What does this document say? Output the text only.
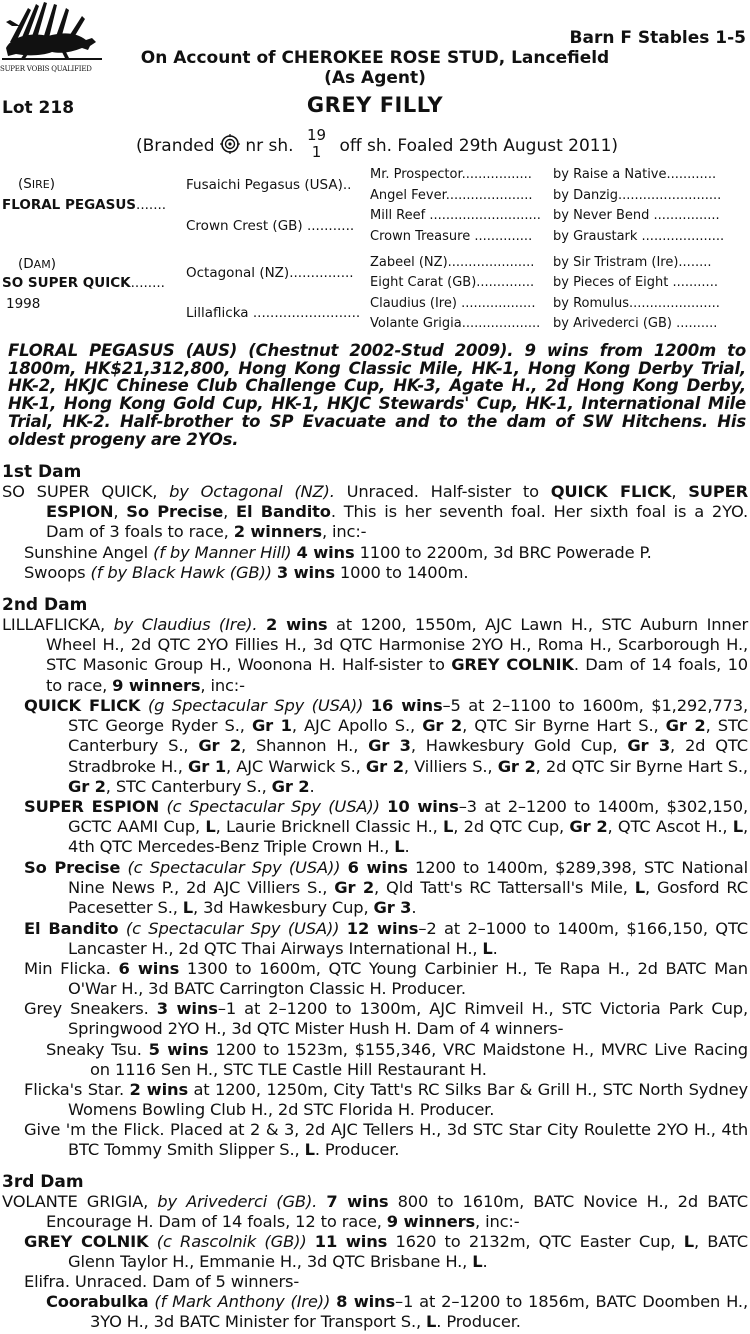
SUPER VOBIS QUALIFIED
Barn F Stables 1-5
On Account of CHEROKEE ROSE STUD, Lancefield
(As Agent)
Lot 218	GREY FILLY
(Branded nr sh. 19
1 off sh. Foaled 29th August 2011)
(SIRE)
FLORAL PEGASUS.......
(DAM)
SO SUPER QUICK........
1998
Fusaichi Pegasus (USA)..
Crown Crest (GB) ...........
Octagonal (NZ)...............
Lillaflicka .........................
Mr. Prospector.................
Angel Fever.....................
Mill Reef ...........................
Crown Treasure ..............
Zabeel (NZ).....................
Eight Carat (GB)..............
Claudius (Ire) ..................
Volante Grigia...................
by Raise a Native............
by Danzig.........................
by Never Bend ................
by Graustark ....................
by Sir Tristram (Ire)........
by Pieces of Eight ...........
by Romulus......................
by Arivederci (GB) ..........
FLORAL PEGASUS (AUS) (Chestnut 2002-Stud 2009). 9 wins from 1200m to 1800m, HK$21,312,800, Hong Kong Classic Mile, HK-1, Hong Kong Derby Trial, HK-2, HKJC Chinese Club Challenge Cup, HK-3, Agate H., 2d Hong Kong Derby, HK-1, Hong Kong Gold Cup, HK-1, HKJC Stewards' Cup, HK-1, International Mile Trial, HK-2. Half-brother to SP Evacuate and to the dam of SW Hitchens. His oldest progeny are 2YOs.
1st Dam
SO SUPER QUICK, by Octagonal (NZ). Unraced. Half-sister to QUICK FLICK, SUPER ESPION, So Precise, El Bandito. This is her seventh foal. Her sixth foal is a 2YO. Dam of 3 foals to race, 2 winners, inc:-
Sunshine Angel (f by Manner Hill) 4 wins 1100 to 2200m, 3d BRC Powerade P.
Swoops (f by Black Hawk (GB)) 3 wins 1000 to 1400m.
2nd Dam
LILLAFLICKA, by Claudius (Ire). 2 wins at 1200, 1550m, AJC Lawn H., STC Auburn Inner Wheel H., 2d QTC 2YO Fillies H., 3d QTC Harmonise 2YO H., Roma H., Scarborough H., STC Masonic Group H., Woonona H. Half-sister to GREY COLNIK. Dam of 14 foals, 10 to race, 9 winners, inc:-
QUICK FLICK (g Spectacular Spy (USA)) 16 wins–5 at 2–1100 to 1600m, $1,292,773, STC George Ryder S., Gr 1, AJC Apollo S., Gr 2, QTC Sir Byrne Hart S., Gr 2, STC Canterbury S., Gr 2, Shannon H., Gr 3, Hawkesbury Gold Cup, Gr 3, 2d QTC Stradbroke H., Gr 1, AJC Warwick S., Gr 2, Villiers S., Gr 2, 2d QTC Sir Byrne Hart S., Gr 2, STC Canterbury S., Gr 2.
SUPER ESPION (c Spectacular Spy (USA)) 10 wins–3 at 2–1200 to 1400m, $302,150, GCTC AAMI Cup, L, Laurie Bricknell Classic H., L, 2d QTC Cup, Gr 2, QTC Ascot H., L, 4th QTC Mercedes-Benz Triple Crown H., L.
So Precise (c Spectacular Spy (USA)) 6 wins 1200 to 1400m, $289,398, STC National Nine News P., 2d AJC Villiers S., Gr 2, Qld Tatt's RC Tattersall's Mile, L, Gosford RC Pacesetter S., L, 3d Hawkesbury Cup, Gr 3.
El Bandito (c Spectacular Spy (USA)) 12 wins–2 at 2–1000 to 1400m, $166,150, QTC Lancaster H., 2d QTC Thai Airways International H., L.
Min Flicka. 6 wins 1300 to 1600m, QTC Young Carbinier H., Te Rapa H., 2d BATC Man O'War H., 3d BATC Carrington Classic H. Producer.
Grey Sneakers. 3 wins–1 at 2–1200 to 1300m, AJC Rimveil H., STC Victoria Park Cup, Springwood 2YO H., 3d QTC Mister Hush H. Dam of 4 winners-
Sneaky Tsu. 5 wins 1200 to 1523m, $155,346, VRC Maidstone H., MVRC Live Racing on 1116 Sen H., STC TLE Castle Hill Restaurant H.
Flicka's Star. 2 wins at 1200, 1250m, City Tatt's RC Silks Bar & Grill H., STC North Sydney Womens Bowling Club H., 2d STC Florida H. Producer.
Give 'm the Flick. Placed at 2 & 3, 2d AJC Tellers H., 3d STC Star City Roulette 2YO H., 4th BTC Tommy Smith Slipper S., L. Producer.
3rd Dam
VOLANTE GRIGIA, by Arivederci (GB). 7 wins 800 to 1610m, BATC Novice H., 2d BATC Encourage H. Dam of 14 foals, 12 to race, 9 winners, inc:-
GREY COLNIK (c Rascolnik (GB)) 11 wins 1620 to 2132m, QTC Easter Cup, L, BATC Glenn Taylor H., Emmanie H., 3d QTC Brisbane H., L.
Elifra. Unraced. Dam of 5 winners-
Coorabulka (f Mark Anthony (Ire)) 8 wins–1 at 2–1200 to 1856m, BATC Doomben H., 3YO H., 3d BATC Minister for Transport S., L. Producer.
